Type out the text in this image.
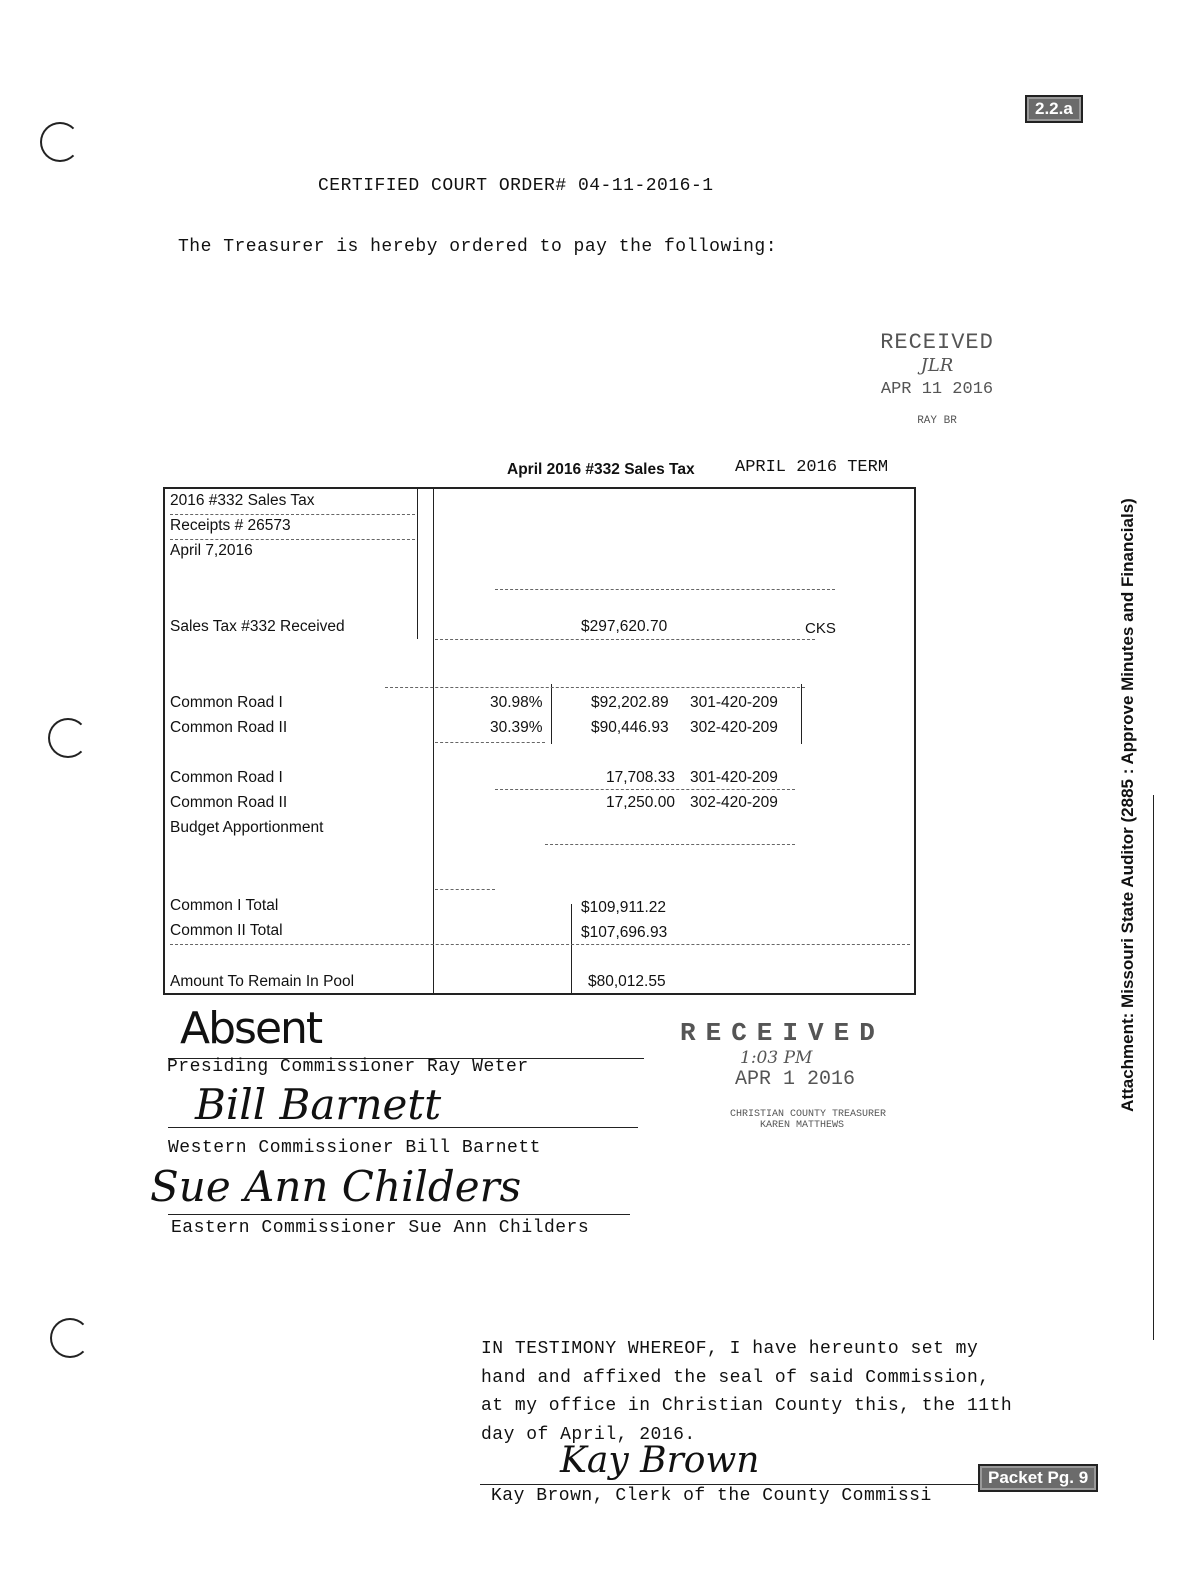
2.2.a
CERTIFIED COURT ORDER# 04-11-2016-1
The Treasurer is hereby ordered to pay the following:
RECEIVED
JLR
APR 11 2016
RAY BR
April 2016 #332 Sales Tax APRIL 2016 TERM
2016 #332 Sales Tax
Receipts # 26573
April 7,2016
Sales Tax #332 Received	$297,620.70	CKS
Common Road I	30.98%	$92,202.89 301-420-209
Common Road II	30.39%	$90,446.93 302-420-209
Common Road I	17,708.33 301-420-209
Common Road II	17,250.00 302-420-209
Budget Apportionment
Common I Total	$109,911.22
Common II Total	$107,696.93
Amount To Remain In Pool	$80,012.55
Absent
Presiding Commissioner Ray Weter
Bill Barnett
Western Commissioner Bill Barnett
Sue Ann Childers
Eastern Commissioner Sue Ann Childers
RECEIVED
1:03 PM
APR 1 2016
CHRISTIAN COUNTY TREASURER
KAREN MATTHEWS
Attachment: Missouri State Auditor (2885 : Approve Minutes and Financials)
IN TESTIMONY WHEREOF, I have hereunto set my
hand and affixed the seal of said Commission,
at my office in Christian County this, the 11th
day of April, 2016.
Kay Brown
Kay Brown, Clerk of the County Commissi
Packet Pg. 9
